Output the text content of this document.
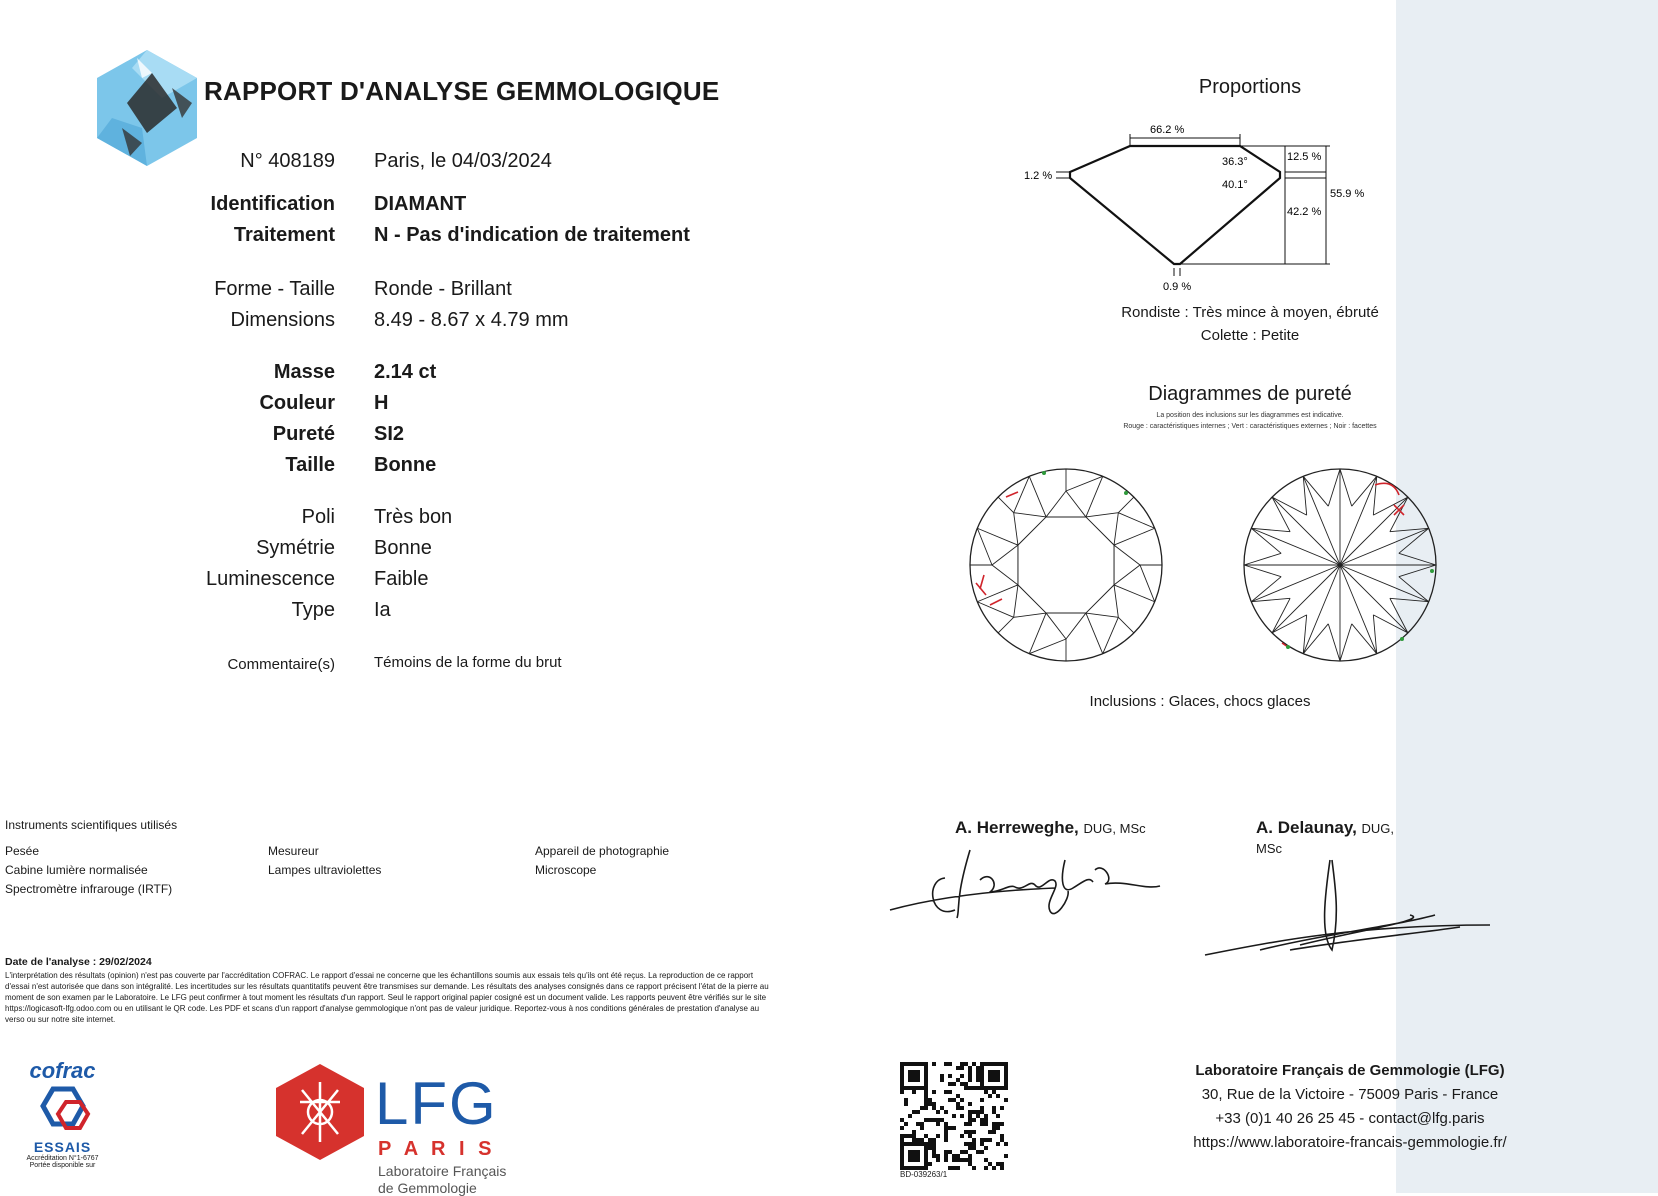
RAPPORT D'ANALYSE GEMMOLOGIQUE
N° 408189 Paris, le 04/03/2024
Identification DIAMANT
Traitement N - Pas d'indication de traitement
Forme - Taille Ronde - Brillant
Dimensions 8.49 - 8.67 x 4.79 mm
Masse 2.14 ct
Couleur H
Pureté SI2
Taille Bonne
Poli Très bon
Symétrie Bonne
Luminescence Faible
Type Ia
Commentaire(s)	Témoins de la forme du brut
Proportions
66.2 %
36.3°
40.1°
12.5 %
42.2 %
55.9 %
1.2 %
0.9 %
Rondiste : Très mince à moyen, ébruté
Colette : Petite
Diagrammes de pureté
La position des inclusions sur les diagrammes est indicative.
Rouge : caractéristiques internes ; Vert : caractéristiques externes ; Noir : facettes
Inclusions : Glaces, chocs glaces
Instruments scientifiques utilisés
Pesée
Cabine lumière normalisée
Spectromètre infrarouge (IRTF)
Mesureur
Lampes ultraviolettes
Appareil de photographie
Microscope
A. Herreweghe, DUG, MSc	A. Delaunay, DUG, MSc
Date de l'analyse : 29/02/2024
L'interprétation des résultats (opinion) n'est pas couverte par l'accréditation COFRAC. Le rapport d'essai ne concerne que les échantillons soumis aux essais tels qu'ils ont été reçus. La reproduction de ce rapport d'essai n'est autorisée que dans son intégralité. Les incertitudes sur les résultats quantitatifs peuvent être transmises sur demande. Les résultats des analyses consignés dans ce rapport précisent l'état de la pierre au moment de son examen par le Laboratoire. Le LFG peut confirmer à tout moment les résultats d'un rapport. Seul le rapport original papier cosigné est un document valide. Les rapports peuvent être vérifiés sur le site https://logicasoft-lfg.odoo.com ou en utilisant le QR code. Les PDF et scans d'un rapport d'analyse gemmologique n'ont pas de valeur juridique. Reportez-vous à nos conditions générales de prestation d'analyse au verso ou sur notre site internet.
cofrac
ESSAIS
Accréditation N°1-6767
Portée disponible sur
LFG
P A R I S
Laboratoire Français
de Gemmologie
BD-039263/1
Laboratoire Français de Gemmologie (LFG)
30, Rue de la Victoire - 75009 Paris - France
+33 (0)1 40 26 25 45 - contact@lfg.paris
https://www.laboratoire-francais-gemmologie.fr/
